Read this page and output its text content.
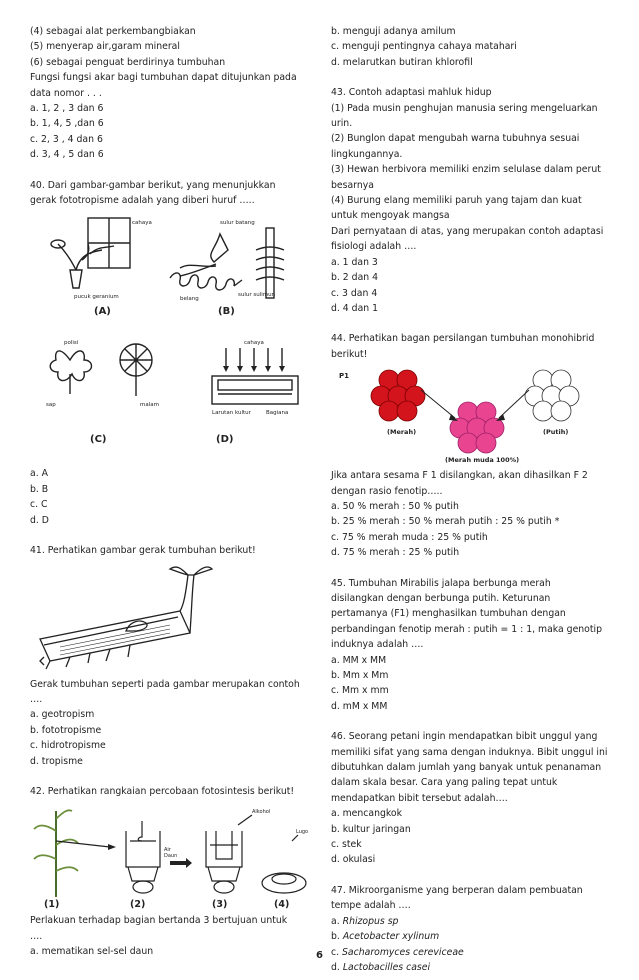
(4) sebagai alat perkembangbiakan
(5) menyerap air,garam mineral
(6) sebagai penguat berdirinya tumbuhan
Fungsi fungsi akar bagi tumbuhan dapat ditujunkan pada
data nomor . . .
a. 1, 2 , 3 dan 6
b. 1, 4, 5 ,dan 6
c. 2, 3 , 4 dan 6
d. 3, 4 , 5 dan 6
40. Dari gambar-gambar berikut, yang menunjukkan
gerak fototropisme adalah yang diberi huruf …..
cahaya
pucuk geranium
sulur batang
belang
sulur sulimun
polisi
sap	malam
cahaya
Larutan kultur	Bagiana
(A)	(B)
(C)	(D)
a. A
b. B
c. C
d. D
41. Perhatikan gambar gerak tumbuhan berikut!
Gerak tumbuhan seperti pada gambar merupakan contoh
….
a. geotropism
b. fototropisme
c. hidrotropisme
d. tropisme
42. Perhatikan rangkaian percobaan fotosintesis berikut!
Air
Daun
Alkohol
Lugo
(1)	(2)	(3)	(4)
Perlakuan terhadap bagian bertanda 3 bertujuan untuk
….
a. mematikan sel-sel daun
b. menguji adanya amilum
c. menguji pentingnya cahaya matahari
d. melarutkan butiran khlorofil
43. Contoh adaptasi mahluk hidup
(1) Pada musin penghujan manusia sering mengeluarkan
urin.
(2) Bunglon dapat mengubah warna tubuhnya sesuai
lingkungannya.
(3) Hewan herbivora memiliki enzim selulase dalam perut
besarnya
(4) Burung elang memiliki paruh yang tajam dan kuat
untuk mengoyak mangsa
Dari pernyataan di atas, yang merupakan contoh adaptasi
fisiologi adalah ….
a. 1 dan 3
b. 2 dan 4
c. 3 dan 4
d. 4 dan 1
44. Perhatikan bagan persilangan tumbuhan monohibrid
berikut!
P1
(Merah)	(Putih)
(Merah muda 100%)
Jika antara sesama F 1 disilangkan, akan dihasilkan F 2
dengan rasio fenotip…..
a. 50 % merah : 50 % putih
b. 25 % merah : 50 % merah putih : 25 % putih *
c. 75 % merah muda : 25 % putih
d. 75 % merah : 25 % putih
45. Tumbuhan Mirabilis jalapa berbunga merah
disilangkan dengan berbunga putih. Keturunan
pertamanya (F1) menghasilkan tumbuhan dengan
perbandingan fenotip merah : putih = 1 : 1, maka genotip
induknya adalah ….
a. MM x MM
b. Mm x Mm
c. Mm x mm
d. mM x MM
46. Seorang petani ingin mendapatkan bibit unggul yang
memiliki sifat yang sama dengan induknya. Bibit unggul ini
dibutuhkan dalam jumlah yang banyak untuk penanaman
dalam skala besar. Cara yang paling tepat untuk
mendapatkan bibit tersebut adalah….
a. mencangkok
b. kultur jaringan
c. stek
d. okulasi
47. Mikroorganisme yang berperan dalam pembuatan
tempe adalah ….
a. Rhizopus sp
b. Acetobacter xylinum
c. Sacharomyces cereviceae
d. Lactobacilles casei
6
